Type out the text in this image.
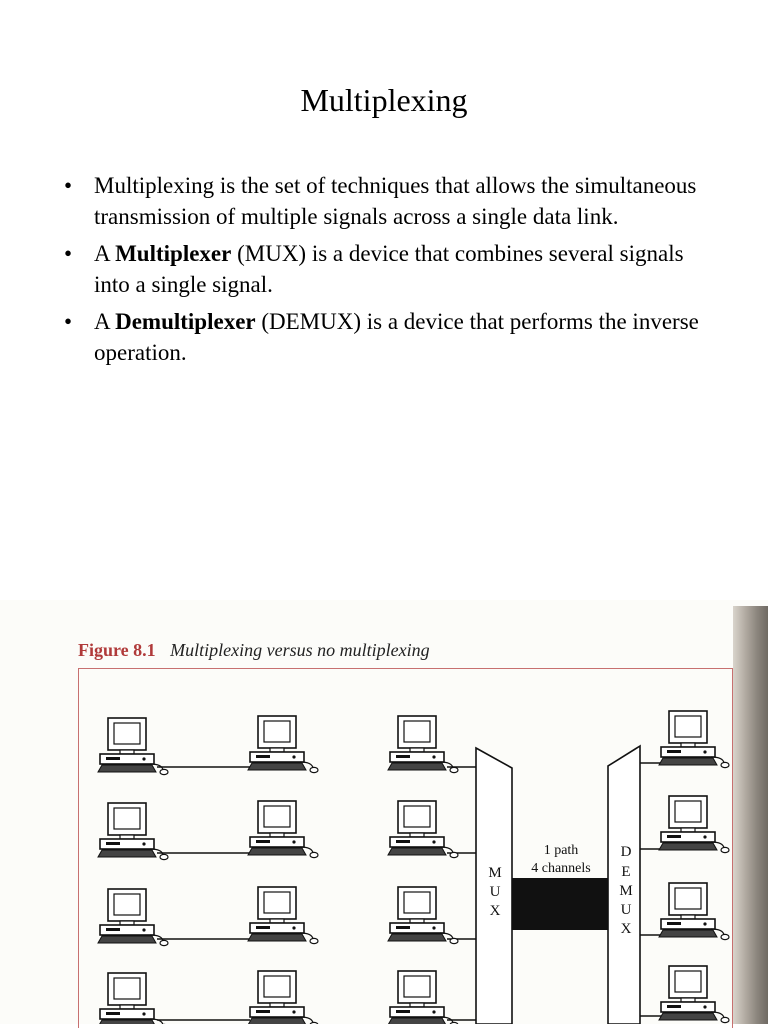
Multiplexing
• Multiplexing is the set of techniques that allows the simultaneous transmission of multiple signals across a single data link.
• A Multiplexer (MUX) is a device that combines several signals into a single signal.
• A Demultiplexer (DEMUX) is a device that performs the inverse operation.
Figure 8.1 Multiplexing versus no multiplexing
M
U
X
D
E
M
U
X
1 path
4 channels
